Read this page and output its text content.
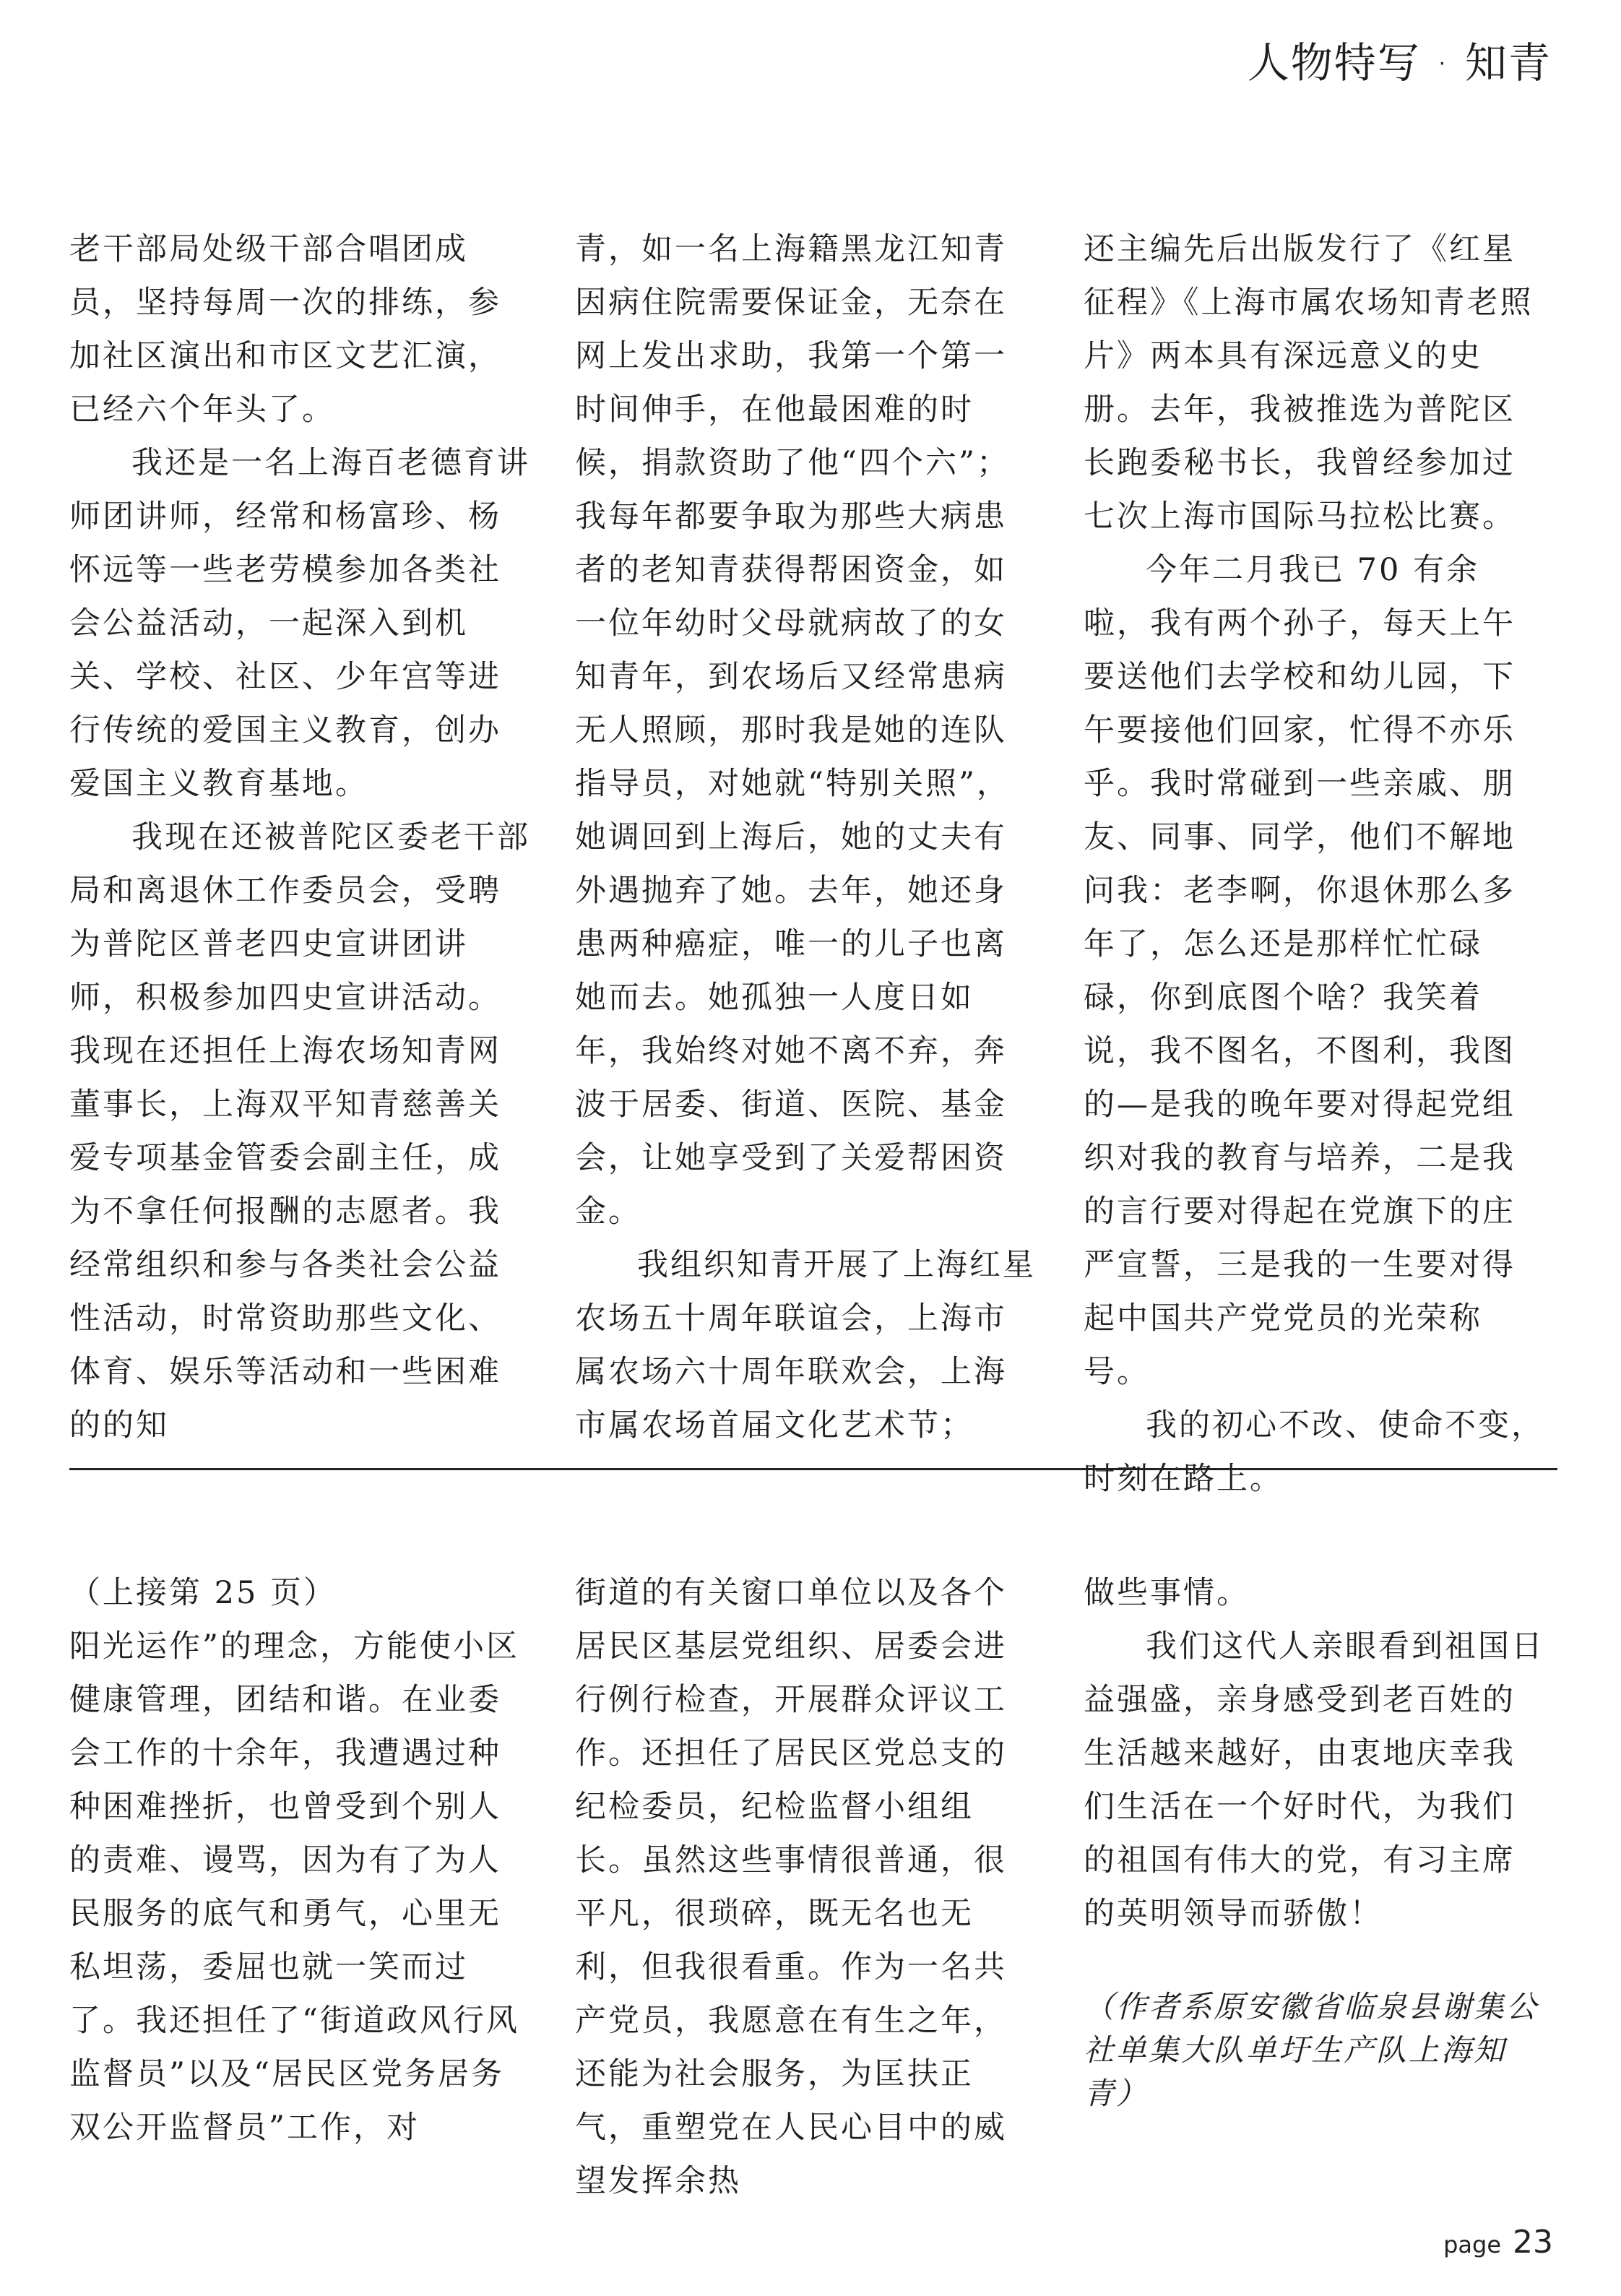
人物特写 · 知青

老干部局处级干部合唱团成员，坚持每周一次的排练，参加社区演出和市区文艺汇演，已经六个年头了。

我还是一名上海百老德育讲师团讲师，经常和杨富珍、杨怀远等一些老劳模参加各类社会公益活动，一起深入到机关、学校、社区、少年宫等进行传统的爱国主义教育，创办爱国主义教育基地。

我现在还被普陀区委老干部局和离退休工作委员会，受聘为普陀区普老四史宣讲团讲师，积极参加四史宣讲活动。我现在还担任上海农场知青网董事长，上海双平知青慈善关爱专项基金管委会副主任，成为不拿任何报酬的志愿者。我经常组织和参与各类社会公益性活动，时常资助那些文化、体育、娱乐等活动和一些困难的的知

青，如一名上海籍黑龙江知青因病住院需要保证金，无奈在网上发出求助，我第一个第一时间伸手，在他最困难的时候，捐款资助了他“四个六”；我每年都要争取为那些大病患者的老知青获得帮困资金，如一位年幼时父母就病故了的女知青年，到农场后又经常患病无人照顾，那时我是她的连队指导员，对她就“特别关照”，她调回到上海后，她的丈夫有外遇抛弃了她。去年，她还身患两种癌症，唯一的儿子也离她而去。她孤独一人度日如年，我始终对她不离不弃，奔波于居委、街道、医院、基金会，让她享受到了关爱帮困资金。

我组织知青开展了上海红星农场五十周年联谊会，上海市属农场六十周年联欢会，上海市属农场首届文化艺术节；

还主编先后出版发行了《红星征程》《上海市属农场知青老照片》两本具有深远意义的史册。去年，我被推选为普陀区长跑委秘书长，我曾经参加过七次上海市国际马拉松比赛。

今年二月我已 70 有余啦，我有两个孙子，每天上午要送他们去学校和幼儿园，下午要接他们回家，忙得不亦乐乎。我时常碰到一些亲戚、朋友、同事、同学，他们不解地问我：老李啊，你退休那么多年了，怎么还是那样忙忙碌碌，你到底图个啥？我笑着说，我不图名，不图利，我图的—是我的晚年要对得起党组织对我的教育与培养，二是我的言行要对得起在党旗下的庄严宣誓，三是我的一生要对得起中国共产党党员的光荣称号。

我的初心不改、使命不变，时刻在路上。

（上接第 25 页）

阳光运作”的理念，方能使小区健康管理，团结和谐。在业委会工作的十余年，我遭遇过种种困难挫折，也曾受到个别人的责难、谩骂，因为有了为人民服务的底气和勇气，心里无私坦荡，委屈也就一笑而过了。我还担任了“街道政风行风监督员”以及“居民区党务居务双公开监督员”工作，对

街道的有关窗口单位以及各个居民区基层党组织、居委会进行例行检查，开展群众评议工作。还担任了居民区党总支的纪检委员，纪检监督小组组长。虽然这些事情很普通，很平凡，很琐碎，既无名也无利，但我很看重。作为一名共产党员，我愿意在有生之年，还能为社会服务，为匡扶正气，重塑党在人民心目中的威望发挥余热

做些事情。

我们这代人亲眼看到祖国日益强盛，亲身感受到老百姓的生活越来越好，由衷地庆幸我们生活在一个好时代，为我们的祖国有伟大的党，有习主席的英明领导而骄傲！

（作者系原安徽省临泉县谢集公社单集大队单圩生产队上海知青）

page 23
